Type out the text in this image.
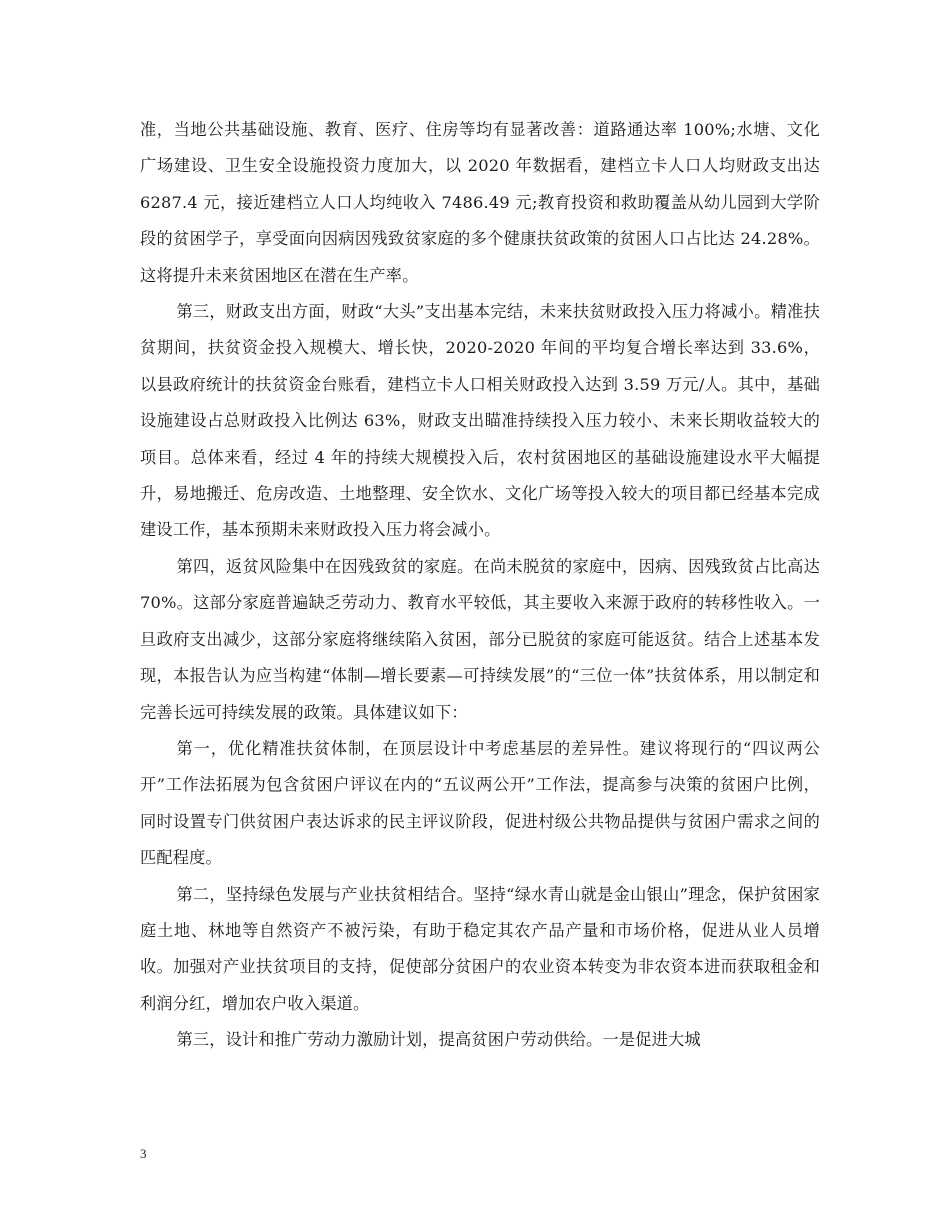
准，当地公共基础设施、教育、医疗、住房等均有显著改善：道路通达率 100%;水塘、文化广场建设、卫生安全设施投资力度加大，以 2020 年数据看，建档立卡人口人均财政支出达 6287.4 元，接近建档立人口人均纯收入 7486.49 元;教育投资和救助覆盖从幼儿园到大学阶段的贫困学子，享受面向因病因残致贫家庭的多个健康扶贫政策的贫困人口占比达 24.28%。这将提升未来贫困地区在潜在生产率。

第三，财政支出方面，财政“大头”支出基本完结，未来扶贫财政投入压力将减小。精准扶贫期间，扶贫资金投入规模大、增长快，2020-2020 年间的平均复合增长率达到 33.6%， 以县政府统计的扶贫资金台账看，建档立卡人口相关财政投入达到 3.59 万元/人。其中，基础设施建设占总财政投入比例达 63%，财政支出瞄准持续投入压力较小、未来长期收益较大的项目。总体来看，经过 4 年的持续大规模投入后，农村贫困地区的基础设施建设水平大幅提升，易地搬迁、危房改造、土地整理、安全饮水、文化广场等投入较大的项目都已经基本完成建设工作，基本预期未来财政投入压力将会减小。

第四，返贫风险集中在因残致贫的家庭。在尚未脱贫的家庭中，因病、因残致贫占比高达 70%。这部分家庭普遍缺乏劳动力、教育水平较低，其主要收入来源于政府的转移性收入。一旦政府支出减少，这部分家庭将继续陷入贫困，部分已脱贫的家庭可能返贫。结合上述基本发现，本报告认为应当构建“体制—增长要素—可持续发展”的“三位一体”扶贫体系，用以制定和完善长远可持续发展的政策。具体建议如下：

第一，优化精准扶贫体制，在顶层设计中考虑基层的差异性。建议将现行的“四议两公开”工作法拓展为包含贫困户评议在内的“五议两公开”工作法，提高参与决策的贫困户比例，同时设置专门供贫困户表达诉求的民主评议阶段，促进村级公共物品提供与贫困户需求之间的匹配程度。

第二，坚持绿色发展与产业扶贫相结合。坚持“绿水青山就是金山银山”理念，保护贫困家庭土地、林地等自然资产不被污染，有助于稳定其农产品产量和市场价格，促进从业人员增收。加强对产业扶贫项目的支持，促使部分贫困户的农业资本转变为非农资本进而获取租金和利润分红，增加农户收入渠道。

第三，设计和推广劳动力激励计划，提高贫困户劳动供给。一是促进大城

3
